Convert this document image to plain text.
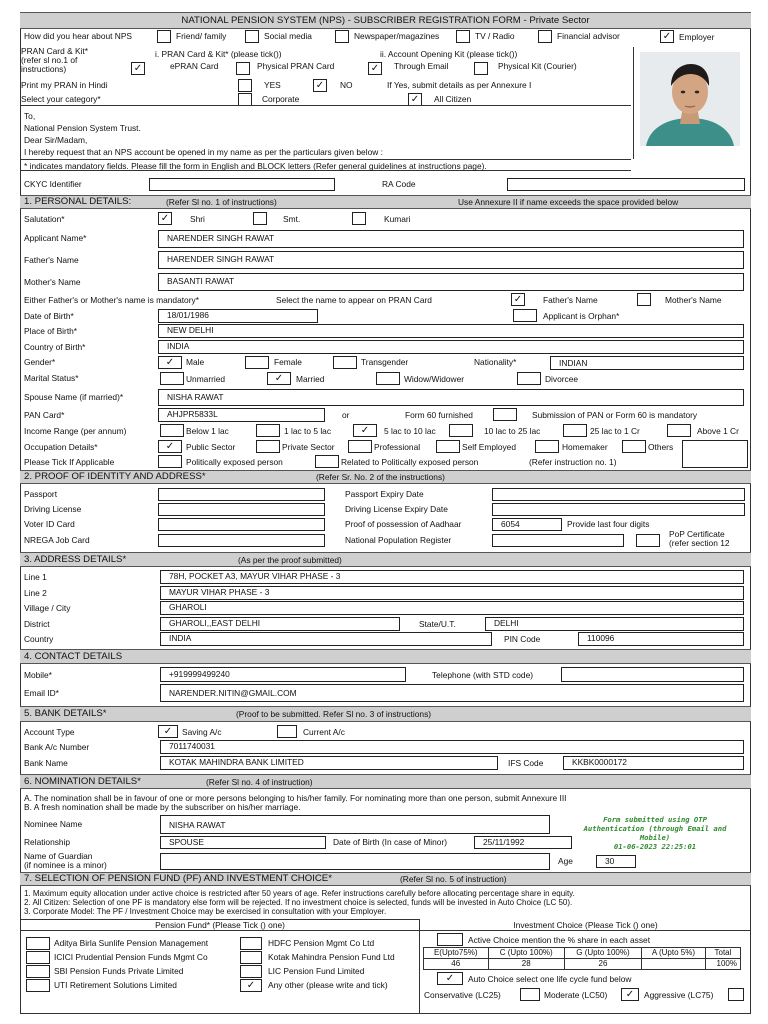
NATIONAL PENSION SYSTEM (NPS) - SUBSCRIBER REGISTRATION FORM - Private Sector
How did you hear about NPS	Friend/ family	Social media	Newspaper/magazines	TV / Radio	Financial advisor	✓ Employer
PRAN Card & Kit*
(refer sl no.1 of
instructions)
i. PRAN Card & Kit* (please tick())	ii. Account Opening Kit (please tick())
✓	ePRAN Card	Physical PRAN Card	✓	Through Email	Physical Kit (Courier)
Print my PRAN in Hindi	YES	✓	NO	If Yes, submit details as per Annexure I
Select your category*	Corporate	✓	All Citizen
To,
National Pension System Trust.
Dear Sir/Madam,
I hereby request that an NPS account be opened in my name as per the particulars given below :
* indicates mandatory fields. Please fill the form in English and BLOCK letters (Refer general guidelines at instructions page).
CKYC Identifier	RA Code
1. PERSONAL DETAILS:	(Refer Sl no. 1 of instructions)	Use Annexure II if name exceeds the space provided below
Salutation*	✓	Shri	Smt.	Kumari
Applicant Name*	NARENDER SINGH RAWAT
Father's Name	HARENDER SINGH RAWAT
Mother's Name	BASANTI RAWAT
Either Father's or Mother's name is mandatory*	Select the name to appear on PRAN Card	✓	Father's Name	Mother's Name
Date of Birth*	18/01/1986	Applicant is Orphan*
Place of Birth*	NEW DELHI
Country of Birth*	INDIA
Gender*	✓	Male	Female	Transgender	Nationality*	INDIAN
Marital Status*	Unmarried	✓	Married	Widow/Widower	Divorcee
Spouse Name (if married)*	NISHA RAWAT
PAN Card*	AHJPR5833L	or	Form 60 furnished	Submission of PAN or Form 60 is mandatory
Income Range (per annum)	Below 1 lac	1 lac to 5 lac	✓	5 lac to 10 lac	10 lac to 25 lac	25 lac to 1 Cr	Above 1 Cr
Occupation Details*	✓	Public Sector	Private Sector	Professional	Self Employed	Homemaker	Others
Please Tick If Applicable	Politically exposed person	Related to Politically exposed person	(Refer instruction no. 1)
2. PROOF OF IDENTITY AND ADDRESS*	(Refer Sr. No. 2 of the instructions)
Passport	Passport Expiry Date
Driving License	Driving License Expiry Date
Voter ID Card	Proof of possession of Aadhaar	6054	Provide last four digits
NREGA Job Card	National Population Register
PoP Certificate
(refer section 12
3. ADDRESS DETAILS*	(As per the proof submitted)
Line 1	78H, POCKET A3, MAYUR VIHAR PHASE - 3
Line 2	MAYUR VIHAR PHASE - 3
Village / City	GHAROLI
District	GHAROLI,,EAST DELHI	State/U.T.	DELHI
Country	INDIA	PIN Code	110096
4. CONTACT DETAILS
Mobile*	+919999499240	Telephone (with STD code)
Email ID*	NARENDER.NITIN@GMAIL.COM
5. BANK DETAILS*	(Proof to be submitted. Refer Sl no. 3 of instructions)
Account Type	✓	Saving A/c	Current A/c
Bank A/c Number	7011740031
Bank Name	KOTAK MAHINDRA BANK LIMITED	IFS Code	KKBK0000172
6. NOMINATION DETAILS*	(Refer Sl no. 4 of instruction)
A. The nomination shall be in favour of one or more persons belonging to his/her family. For nominating more than one person, submit Annexure III
B. A fresh nomination shall be made by the subscriber on his/her marriage.
Nominee Name	NISHA RAWAT
Relationship	SPOUSE	Date of Birth (In case of Minor)	25/11/1992
Name of Guardian
(if nominee is a minor)	Age	30
Form submitted using OTP
Authentication (through Email and
Mobile)
01-06-2023 22:25:01
7. SELECTION OF PENSION FUND (PF) AND INVESTMENT CHOICE*	(Refer Sl no. 5 of instruction)
1. Maximum equity allocation under active choice is restricted after 50 years of age. Refer instructions carefully before allocating percentage share in equity.
2. All Citizen: Selection of one PF is mandatory else form will be rejected. If no investment choice is selected, funds will be invested in Auto Choice (LC 50).
3. Corporate Model: The PF / Investment Choice may be exercised in consultation with your Employer.
Pension Fund* (Please Tick () one)
Aditya Birla Sunlife Pension Management
ICICI Prudential Pension Funds Mgmt Co
SBI Pension Funds Private Limited
UTI Retirement Solutions Limited
HDFC Pension Mgmt Co Ltd
Kotak Mahindra Pension Fund Ltd
LIC Pension Fund Limited
✓	Any other (please write and tick)
Investment Choice (Please Tick () one)
Active Choice mention the % share in each asset
E(Upto75%)	C (Upto 100%)	G (Upto 100%)	A (Upto 5%)	Total
46	28	26		100%
✓	Auto Choice select one life cycle fund below
Conservative (LC25)	Moderate (LC50)	✓	Aggressive (LC75)
